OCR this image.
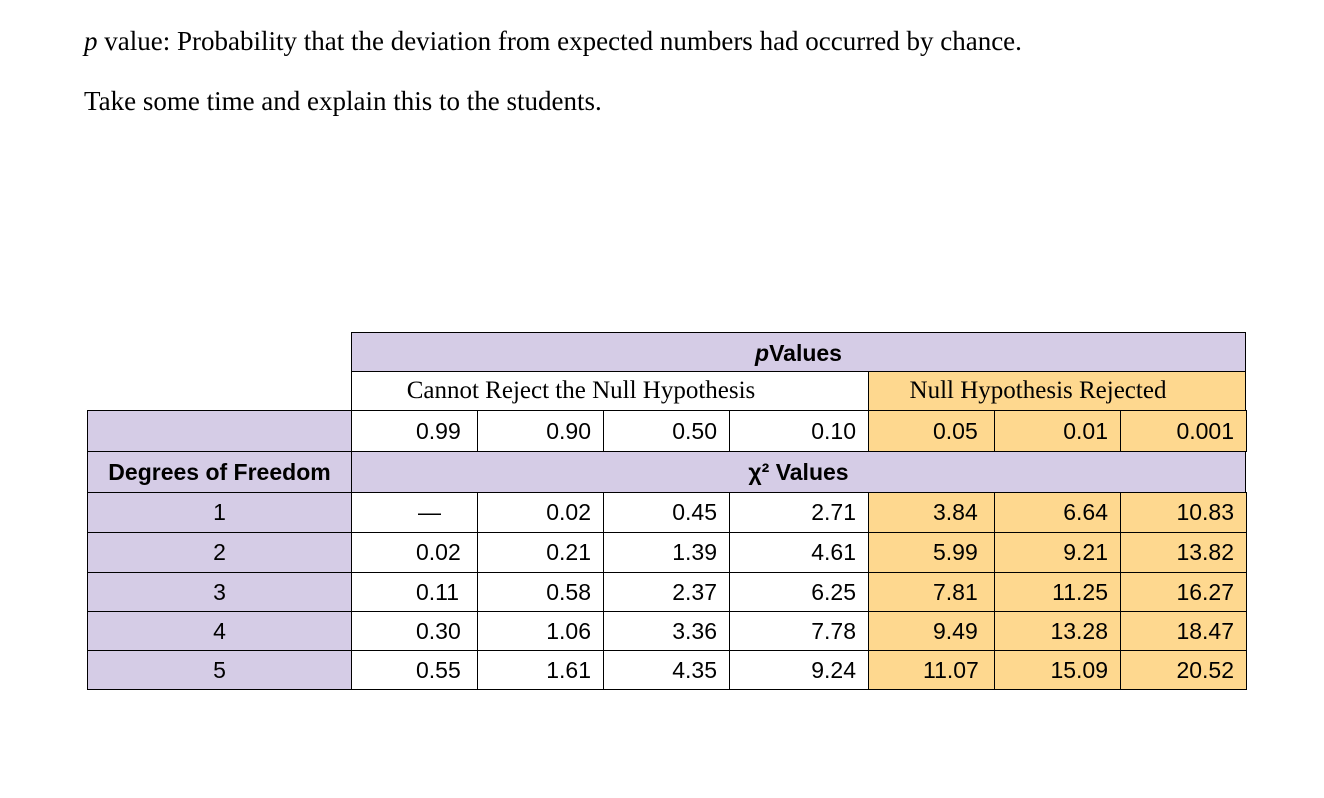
p value: Probability that the deviation from expected numbers had occurred by chance.

Take some time and explain this to the students.

p Values
Cannot Reject the Null Hypothesis	Null Hypothesis Rejected
0.99	0.90	0.50	0.10	0.05	0.01	0.001
Degrees of Freedom	χ² Values
1	—	0.02	0.45	2.71	3.84	6.64	10.83
2	0.02	0.21	1.39	4.61	5.99	9.21	13.82
3	0.11	0.58	2.37	6.25	7.81	11.25	16.27
4	0.30	1.06	3.36	7.78	9.49	13.28	18.47
5	0.55	1.61	4.35	9.24	11.07	15.09	20.52
